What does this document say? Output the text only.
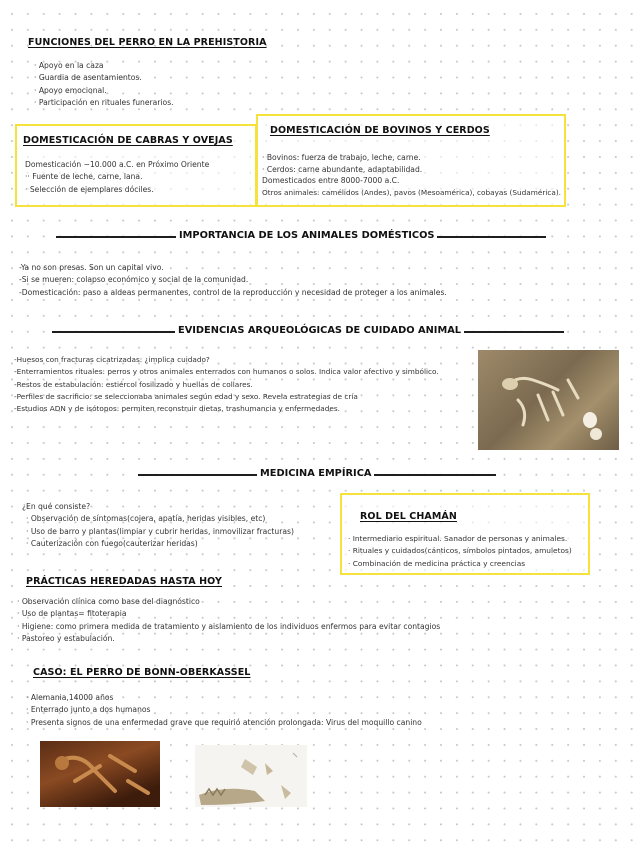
FUNCIONES DEL PERRO EN LA PREHISTORIA
· Apoyo en la caza
· Guardia de asentamientos.
· Apoyo emocional.
· Participación en rituales funerarios.
DOMESTICACIÓN DE CABRAS Y OVEJAS
Domesticación ~10.000 a.C. en Próximo Oriente
·· Fuente de leche, carne, lana.
· Selección de ejemplares dóciles.
DOMESTICACIÓN DE BOVINOS Y CERDOS
· Bovinos: fuerza de trabajo, leche, carne.
· Cerdos: carne abundante, adaptabilidad.
Domesticados entre 8000-7000 a.C.
Otros animales: camélidos (Andes), pavos (Mesoamérica), cobayas (Sudamérica).
IMPORTANCIA DE LOS ANIMALES DOMÉSTICOS
-Ya no son presas. Son un capital vivo.
-Si se mueren: colapso económico y social de la comunidad.
-Domesticación: paso a aldeas permanentes, control de la reproducción y necesidad de proteger a los animales.
EVIDENCIAS ARQUEOLÓGICAS DE CUIDADO ANIMAL
-Huesos con fracturas cicatrizadas: ¿implica cuidado?
-Enterramientos rituales: perros y otros animales enterrados con humanos o solos. Indica valor afectivo y simbólico.
-Restos de estabulación: estiércol fosilizado y huellas de collares.
-Perfiles de sacrificio: se seleccionaba animales según edad y sexo. Revela estrategias de cría
-Estudios ADN y de isótopos: permiten reconstruir dietas, trashumancia y enfermedades.
MEDICINA EMPÍRICA
¿En qué consiste?
· Observación de síntomas(cojera, apatía, heridas visibles, etc)
· Uso de barro y plantas(limpiar y cubrir heridas, inmovilizar fracturas)
· Cauterización con fuego(cauterizar heridas)
ROL DEL CHAMÁN
· Intermediario espiritual. Sanador de personas y animales.
· Rituales y cuidados(cánticos, símbolos pintados, amuletos)
· Combinación de medicina práctica y creencias
PRÁCTICAS HEREDADAS HASTA HOY
· Observación clínica como base del diagnóstico
· Uso de plantas= fitoterapia
· Higiene: como primera medida de tratamiento y aislamiento de los individuos enfermos para evitar contagios
· Pastoreo y estabulación.
CASO: EL PERRO DE BONN-OBERKASSEL
· Alemania,14000 años
· Enterrado junto a dos humanos
· Presenta signos de una enfermedad grave que requirió atención prolongada: Virus del moquillo canino
